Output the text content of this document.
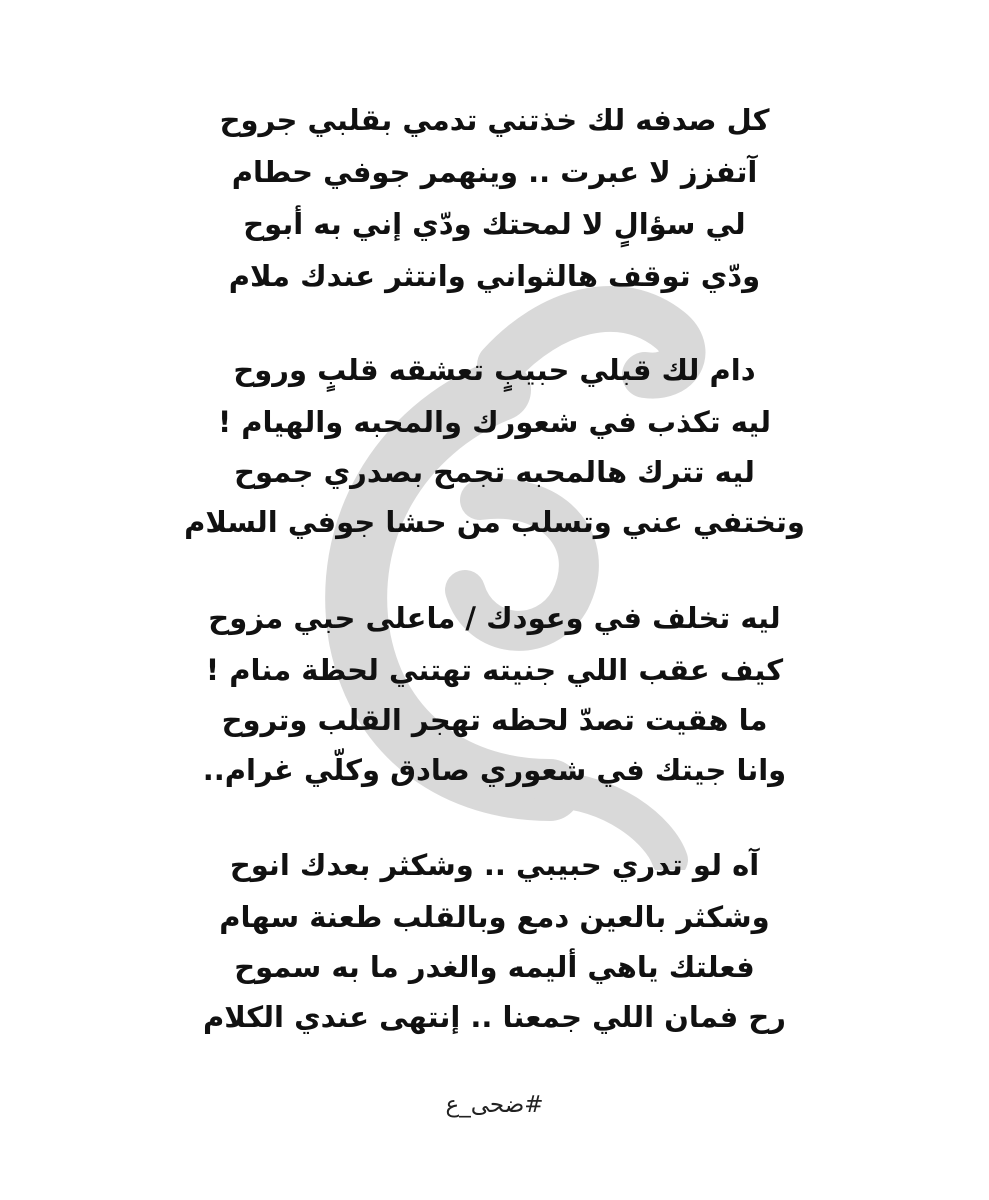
كل صدفه لك خذتني تدمي بقلبي جروح
آتفزز لا عبرت .. وينهمر جوفي حطام
لي سؤالٍ لا لمحتك ودّي إني به أبوح
ودّي توقف هالثواني وانتثر عندك ملام
دام لك قبلي حبيبٍ تعشقه قلبٍ وروح
ليه تكذب في شعورك والمحبه والهيام !
ليه تترك هالمحبه تجمح بصدري جموح
وتختفي عني وتسلب من حشا جوفي السلام
ليه تخلف في وعودك / ماعلى حبي مزوح
كيف عقب اللي جنيته تهتني لحظة منام !
ما هقيت تصدّ لحظه تهجر القلب وتروح
وانا جيتك في شعوري صادق وكلّي غرام..
آه لو تدري حبيبي .. وشكثر بعدك انوح
وشكثر بالعين دمع وبالقلب طعنة سهام
فعلتك ياهي أليمه والغدر ما به سموح
رح فمان اللي جمعنا .. إنتهى عندي الكلام
#ضحى_ع
